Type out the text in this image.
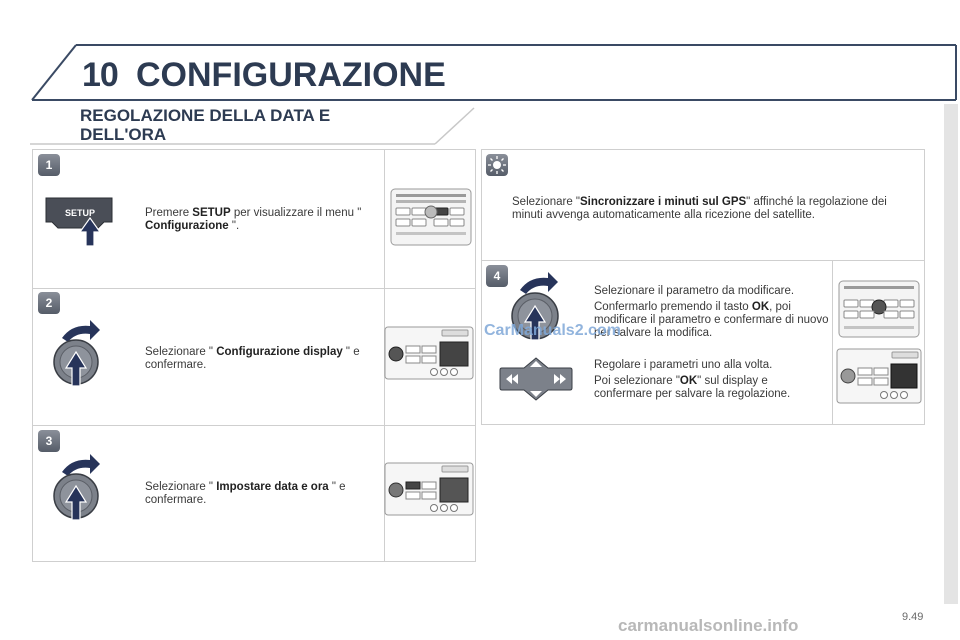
10 CONFIGURAZIONE
REGOLAZIONE DELLA DATA E
DELL'ORA
1
SETUP	Premere SETUP per visualizzare il menu " Configurazione ".
2
Selezionare " Configurazione display " e confermare.
3
Selezionare " Impostare data e ora " e confermare.
Selezionare "Sincronizzare i minuti sul GPS" affinché la regolazione dei minuti avvenga automaticamente alla ricezione del satellite.
4
Selezionare il parametro da modificare.
Confermarlo premendo il tasto OK, poi modificare il parametro e confermare di nuovo per salvare la modifica.
Regolare i parametri uno alla volta.
Poi selezionare "OK" sul display e confermare per salvare la regolazione.
CarManuals2.com
9.49
carmanualsonline.info
